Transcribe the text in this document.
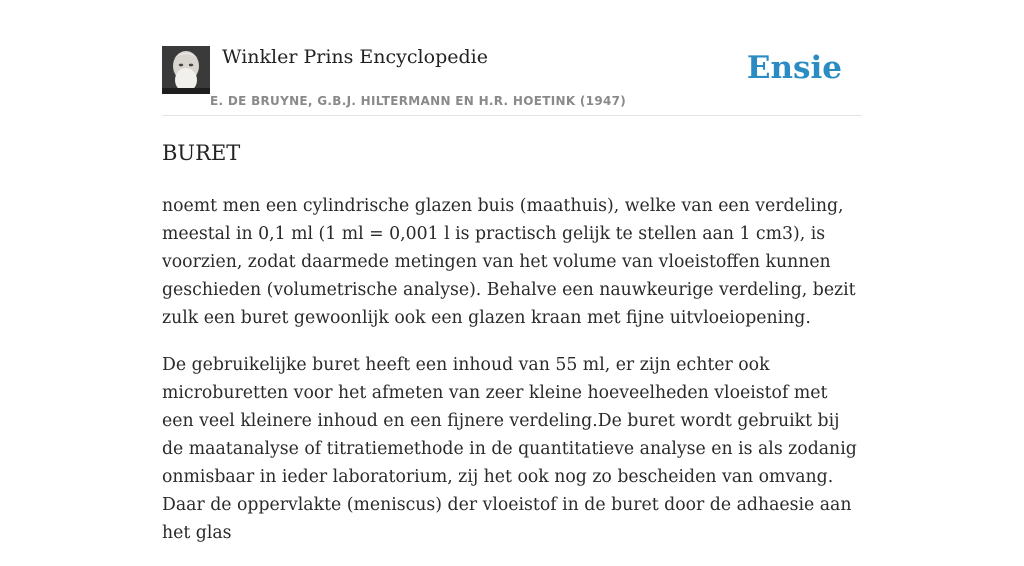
Winkler Prins Encyclopedie
E. DE BRUYNE, G.B.J. HILTERMANN EN H.R. HOETINK (1947)
Ensie
BURET

noemt men een cylindrische glazen buis (maathuis), welke van een verdeling, meestal in 0,1 ml (1 ml = 0,001 l is practisch gelijk te stellen aan 1 cm3), is voorzien, zodat daarmede metingen van het volume van vloeistoffen kunnen geschieden (volumetrische analyse). Behalve een nauwkeurige verdeling, bezit zulk een buret gewoonlijk ook een glazen kraan met fijne uitvloeiopening.

De gebruikelijke buret heeft een inhoud van 55 ml, er zijn echter ook microburetten voor het afmeten van zeer kleine hoeveelheden vloeistof met een veel kleinere inhoud en een fijnere verdeling.De buret wordt gebruikt bij de maatanalyse of titratiemethode in de quantitatieve analyse en is als zodanig onmisbaar in ieder laboratorium, zij het ook nog zo bescheiden van omvang. Daar de oppervlakte (meniscus) der vloeistof in de buret door de adhaesie aan het glas
